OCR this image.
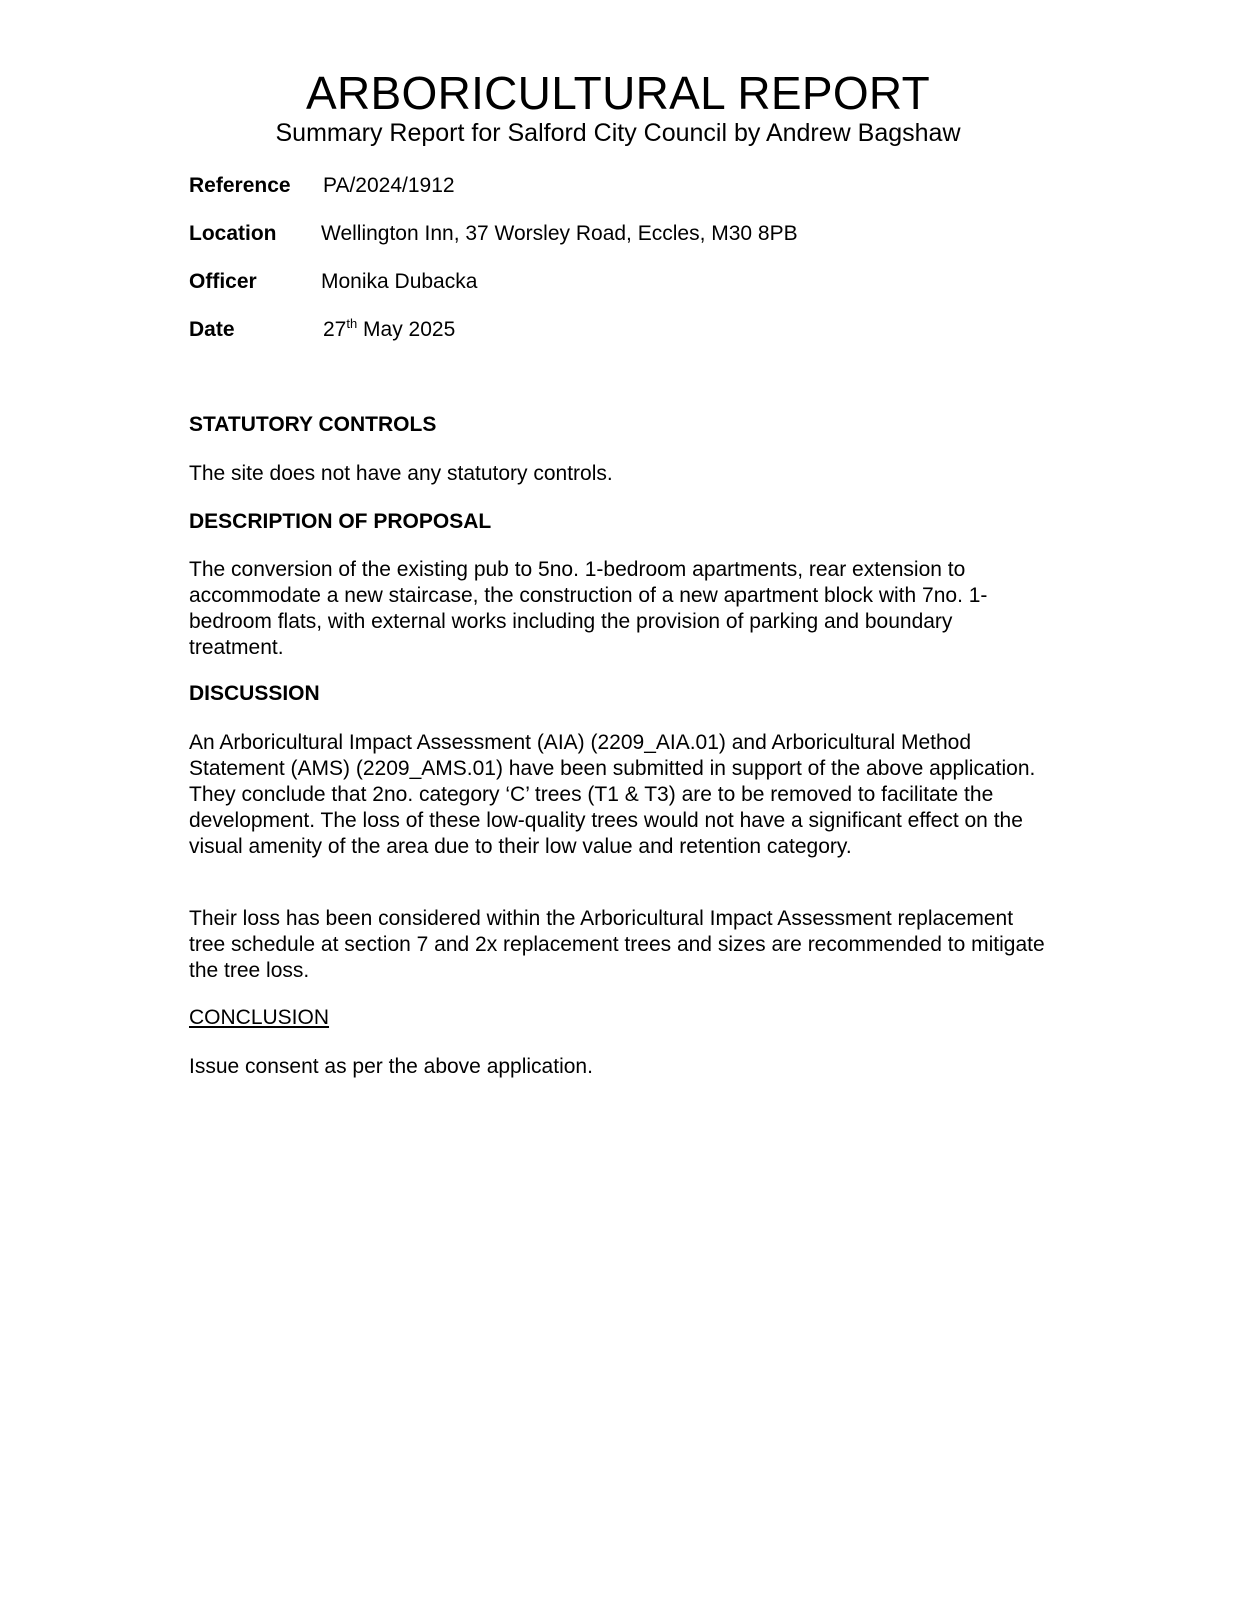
ARBORICULTURAL REPORT
Summary Report for Salford City Council by Andrew Bagshaw
Reference PA/2024/1912
Location Wellington Inn, 37 Worsley Road, Eccles, M30 8PB
Officer	Monika Dubacka
Date	27th May 2025
STATUTORY CONTROLS
The site does not have any statutory controls.
DESCRIPTION OF PROPOSAL
The conversion of the existing pub to 5no. 1-bedroom apartments, rear extension to accommodate a new staircase, the construction of a new apartment block with 7no. 1-bedroom flats, with external works including the provision of parking and boundary treatment.
DISCUSSION
An Arboricultural Impact Assessment (AIA) (2209_AIA.01) and Arboricultural Method Statement (AMS) (2209_AMS.01) have been submitted in support of the above application. They conclude that 2no. category ‘C’ trees (T1 & T3) are to be removed to facilitate the development. The loss of these low-quality trees would not have a significant effect on the visual amenity of the area due to their low value and retention category.
Their loss has been considered within the Arboricultural Impact Assessment replacement tree schedule at section 7 and 2x replacement trees and sizes are recommended to mitigate the tree loss.
CONCLUSION
Issue consent as per the above application.
